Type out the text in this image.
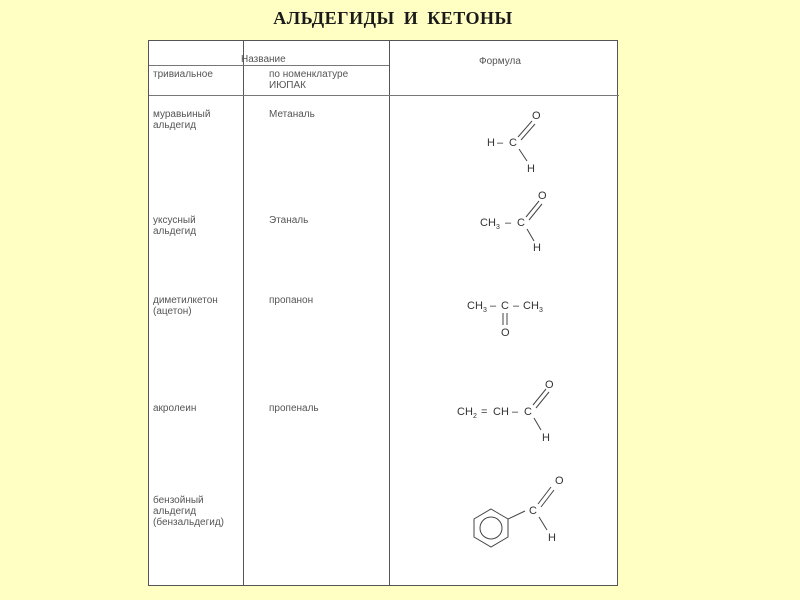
АЛЬДЕГИДЫ И КЕТОНЫ
Название
тривиальное	по номенклатуре
ИЮПАК
Формула
муравьиный
альдегид
Метаналь
уксусный
альдегид
Этаналь
диметилкетон
(ацетон)
пропанон
акролеин	пропеналь
бензойный
альдегид
(бензальдегид)
H – C
O
H
CH 3 – C
O
H
CH 3 – C – CH 3
O
CH 2 = CH – C
O
H
C
O
H
